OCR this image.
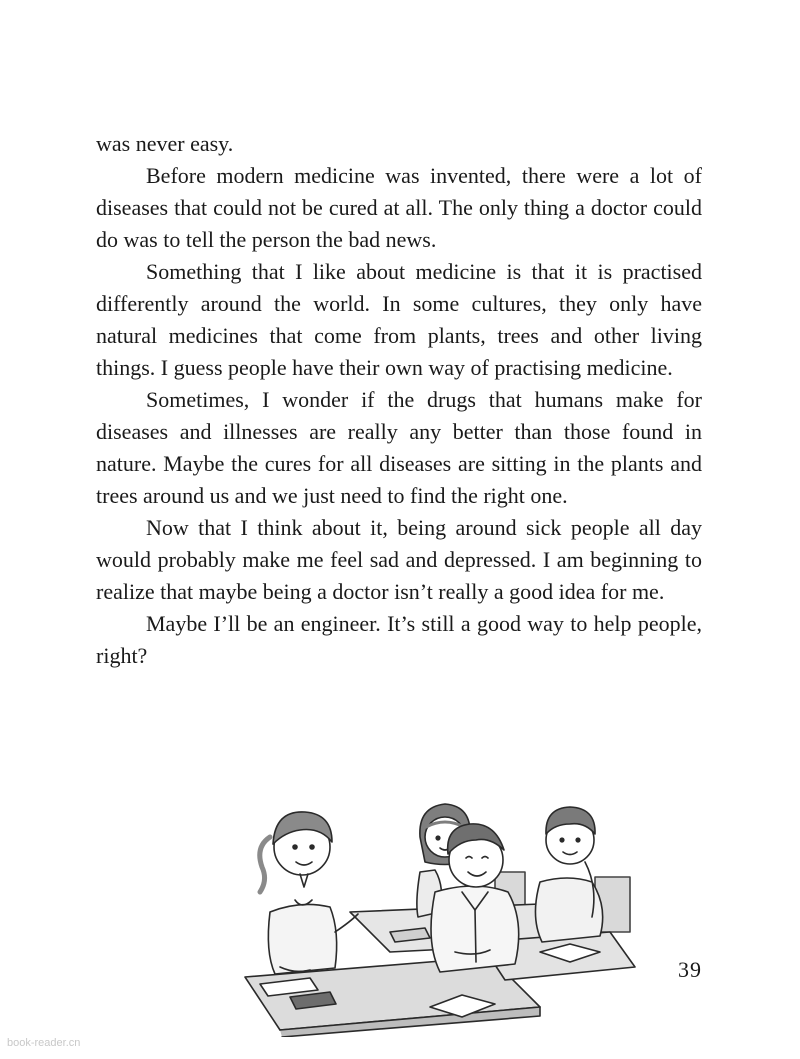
was never easy.

Before modern medicine was invented, there were a lot of diseases that could not be cured at all. The only thing a doctor could do was to tell the person the bad news.

Something that I like about medicine is that it is practised differently around the world. In some cultures, they only have natural medicines that come from plants, trees and other living things. I guess people have their own way of practising medicine.

Sometimes, I wonder if the drugs that humans make for diseases and illnesses are really any better than those found in nature. Maybe the cures for all diseases are sitting in the plants and trees around us and we just need to find the right one.

Now that I think about it, being around sick people all day would probably make me feel sad and depressed. I am beginning to realize that maybe being a doctor isn’t really a good idea for me.

Maybe I’ll be an engineer. It’s still a good way to help people, right?

39
book-reader.cn
